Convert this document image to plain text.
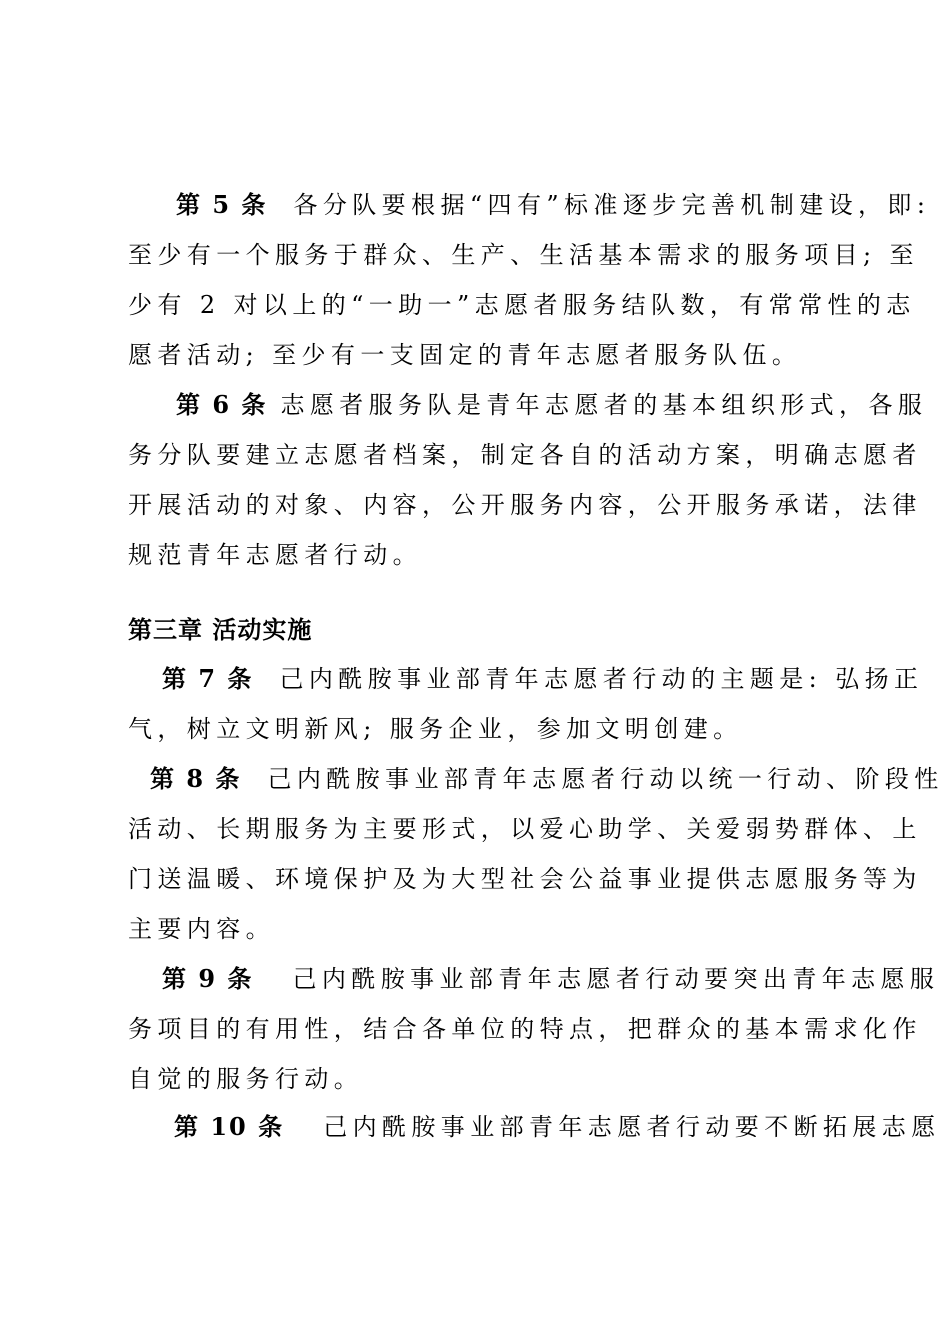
第 5 条 各分队要根据“四有”标准逐步完善机制建设，即:
至少有一个服务于群众、生产、生活基本需求的服务项目; 至
少有 2 对以上的“一助一”志愿者服务结队数，有常常性的志
愿者活动; 至少有一支固定的青年志愿者服务队伍。
第 6 条 志愿者服务队是青年志愿者的基本组织形式，各服
务分队要建立志愿者档案，制定各自的活动方案，明确志愿者
开展活动的对象、内容，公开服务内容，公开服务承诺，法律
规范青年志愿者行动。
第三章 活动实施
第 7 条 己内酰胺事业部青年志愿者行动的主题是: 弘扬正
气，树立文明新风; 服务企业，参加文明创建。
第 8 条 己内酰胺事业部青年志愿者行动以统一行动、阶段性
活动、长期服务为主要形式，以爱心助学、关爱弱势群体、上
门送温暖、环境保护及为大型社会公益事业提供志愿服务等为
主要内容。
第 9 条 己内酰胺事业部青年志愿者行动要突出青年志愿服
务项目的有用性，结合各单位的特点，把群众的基本需求化作
自觉的服务行动。
第 10 条 己内酰胺事业部青年志愿者行动要不断拓展志愿
